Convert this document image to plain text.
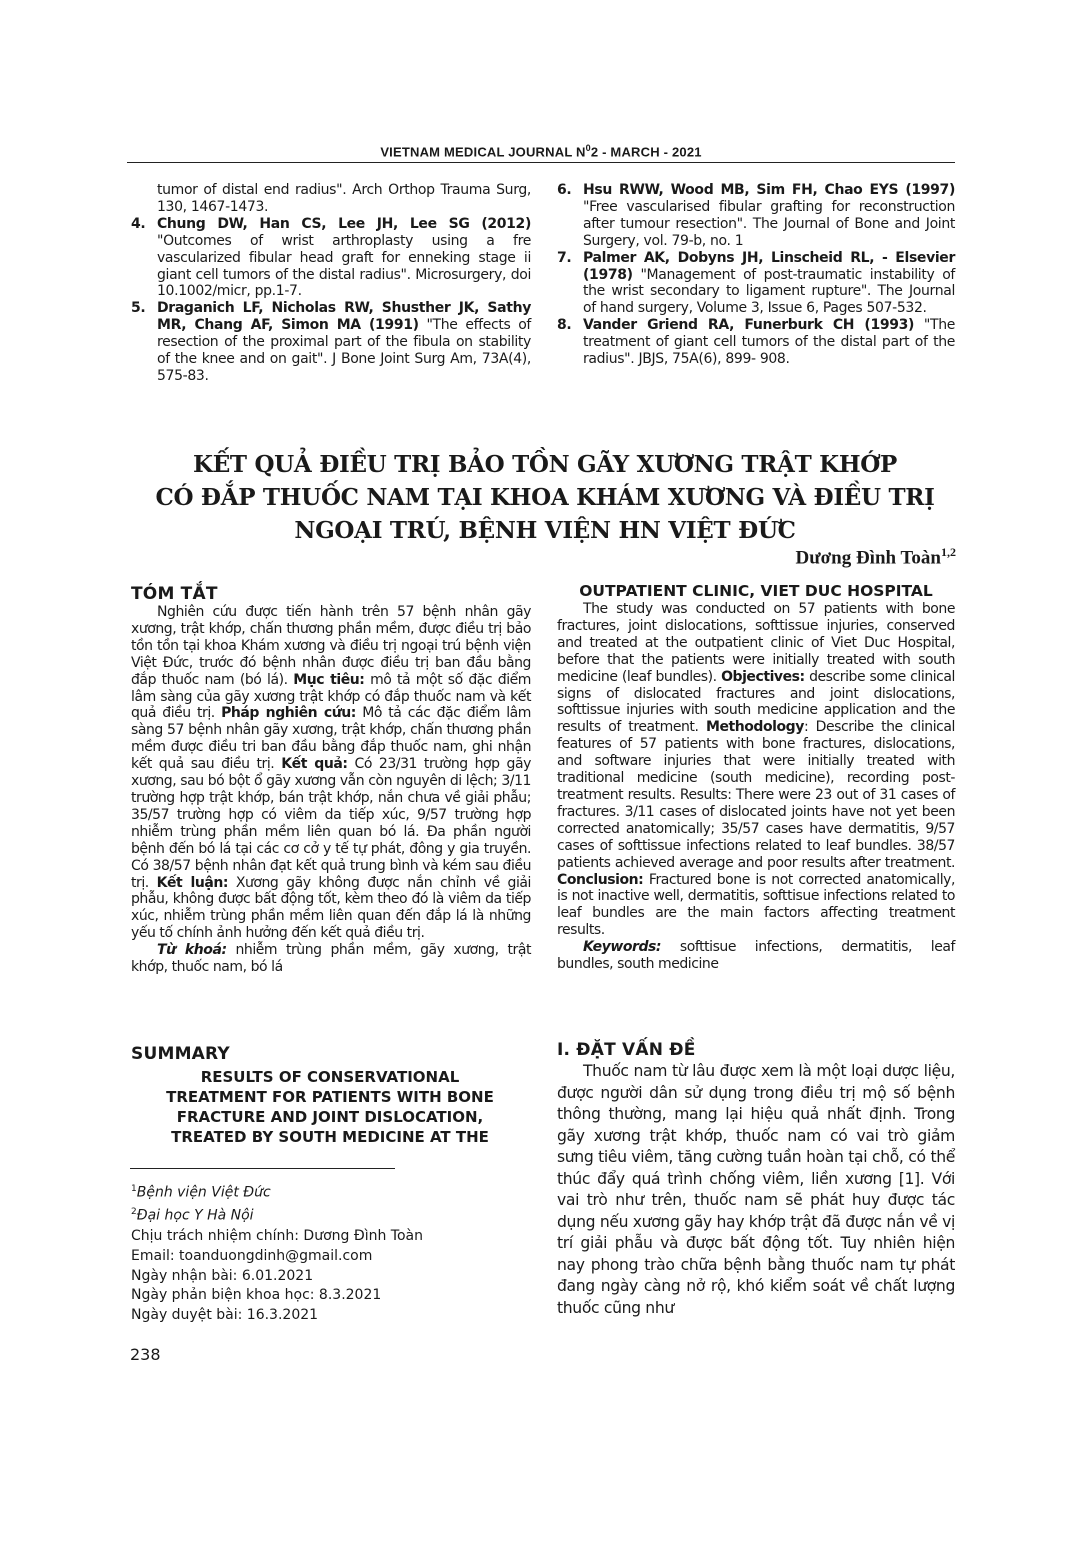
VIETNAM MEDICAL JOURNAL $N^02$ - MARCH - 2021
tumor of distal end radius". Arch Orthop Trauma Surg, 130, 1467-1473.
4. Chung DW, Han CS, Lee JH, Lee SG (2012) "Outcomes of wrist arthroplasty using a fre vascularized fibular head graft for enneking stage ii giant cell tumors of the distal radius". Microsurgery, doi 10.1002/micr, pp.1-7.
5. Draganich LF, Nicholas RW, Shusther JK, Sathy MR, Chang AF, Simon MA (1991) "The effects of resection of the proximal part of the fibula on stability of the knee and on gait". J Bone Joint Surg Am, 73A(4), 575-83.
6. Hsu RWW, Wood MB, Sim FH, Chao EYS (1997) "Free vascularised fibular grafting for reconstruction after tumour resection". The Journal of Bone and Joint Surgery, vol. 79-b, no. 1
7. Palmer AK, Dobyns JH, Linscheid RL, - Elsevier (1978) "Management of post-traumatic instability of the wrist secondary to ligament rupture". The Journal of hand surgery, Volume 3, Issue 6, Pages 507-532.
8. Vander Griend RA, Funerburk CH (1993) "The treatment of giant cell tumors of the distal part of the radius". JBJS, 75A(6), 899- 908.
KẾT QUẢ ĐIỀU TRỊ BẢO TỒN GÃY XƯƠNG TRẬT KHỚP
CÓ ĐẮP THUỐC NAM TẠI KHOA KHÁM XƯƠNG VÀ ĐIỀU TRỊ
NGOẠI TRÚ, BỆNH VIỆN HN VIỆT ĐỨC
Dương Đình Toàn$^{1,2}$
TÓM TẮT

Nghiên cứu được tiến hành trên 57 bệnh nhân gãy xương, trật khớp, chấn thương phần mềm, được điều trị bảo tồn tồn tại khoa Khám xương và điều trị ngoại trú bệnh viện Việt Đức, trước đó bệnh nhân được điều trị ban đầu bằng đắp thuốc nam (bó lá). Mục tiêu: mô tả một số đặc điểm lâm sàng của gãy xương trật khớp có đắp thuốc nam và kết quả điều trị. Pháp nghiên cứu: Mô tả các đặc điểm lâm sàng 57 bệnh nhân gãy xương, trật khớp, chấn thương phần mềm được điều tri ban đầu bằng đắp thuốc nam, ghi nhận kết quả sau điều trị. Kết quả: Có 23/31 trường hợp gãy xương, sau bó bột ổ gãy xương vẫn còn nguyên di lệch; 3/11 trường hợp trật khớp, bán trật khớp, nắn chưa về giải phẫu; 35/57 trường hợp có viêm da tiếp xúc, 9/57 trường hợp nhiễm trùng phần mềm liên quan bó lá. Đa phần người bệnh đến bó lá tại các cơ cở y tế tự phát, đông y gia truyền. Có 38/57 bệnh nhân đạt kết quả trung bình và kém sau điều trị. Kết luận: Xương gãy không được nắn chỉnh về giải phẫu, không được bất động tốt, kèm theo đó là viêm da tiếp xúc, nhiễm trùng phần mềm liên quan đến đắp lá là những yếu tố chính ảnh hưởng đến kết quả điều trị.

Từ khoá: nhiễm trùng phần mềm, gãy xương, trật khớp, thuốc nam, bó lá

SUMMARY
RESULTS OF CONSERVATIONAL
TREATMENT FOR PATIENTS WITH BONE
FRACTURE AND JOINT DISLOCATION,
TREATED BY SOUTH MEDICINE AT THE
$^1$Bệnh viện Việt Đức
$^2$Đại học Y Hà Nội
Chịu trách nhiệm chính: Dương Đình Toàn
Email: toanduongdinh@gmail.com
Ngày nhận bài: 6.01.2021
Ngày phản biện khoa học: 8.3.2021
Ngày duyệt bài: 16.3.2021
238
OUTPATIENT CLINIC, VIET DUC HOSPITAL

The study was conducted on 57 patients with bone fractures, joint dislocations, softtissue injuries, conserved and treated at the outpatient clinic of Viet Duc Hospital, before that the patients were initially treated with south medicine (leaf bundles). Objectives: describe some clinical signs of dislocated fractures and joint dislocations, softtissue injuries with south medicine application and the results of treatment. Methodology: Describe the clinical features of 57 patients with bone fractures, dislocations, and software injuries that were initially treated with traditional medicine (south medicine), recording post-treatment results. Results: There were 23 out of 31 cases of fractures. 3/11 cases of dislocated joints have not yet been corrected anatomically; 35/57 cases have dermatitis, 9/57 cases of softtissue infections related to leaf bundles. 38/57 patients achieved average and poor results after treatment. Conclusion: Fractured bone is not corrected anatomically, is not inactive well, dermatitis, softtisue infections related to leaf bundles are the main factors affecting treatment results.

Keywords: softtisue infections, dermatitis, leaf bundles, south medicine

I. ĐẶT VẤN ĐỀ

Thuốc nam từ lâu được xem là một loại dược liệu, được người dân sử dụng trong điều trị mộ số bệnh thông thường, mang lại hiệu quả nhất định. Trong gãy xương trật khớp, thuốc nam có vai trò giảm sưng tiêu viêm, tăng cường tuần hoàn tại chỗ, có thể thúc đẩy quá trình chống viêm, liền xương [1]. Với vai trò như trên, thuốc nam sẽ phát huy được tác dụng nếu xương gãy hay khớp trật đã được nắn về vị trí giải phẫu và được bất động tốt. Tuy nhiên hiện nay phong trào chữa bệnh bằng thuốc nam tự phát đang ngày càng nở rộ, khó kiểm soát về chất lượng thuốc cũng như
